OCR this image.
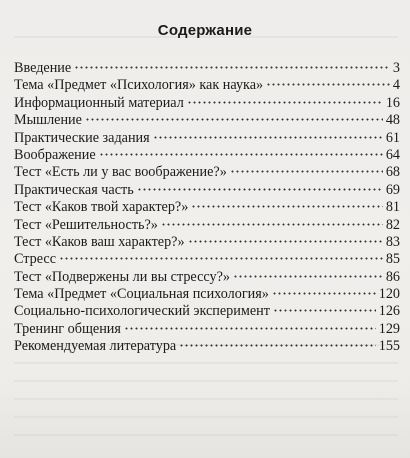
Содержание
Введение	3
Тема «Предмет «Психология» как наука»	4
Информационный материал	16
Мышление	48
Практические задания	61
Воображение	64
Тест «Есть ли у вас воображение?»	68
Практическая часть	69
Тест «Каков твой характер?»	81
Тест «Решительность?»	82
Тест «Каков ваш характер?»	83
Стресс	85
Тест «Подвержены ли вы стрессу?»	86
Тема «Предмет «Социальная психология»	120
Социально-психологический эксперимент	126
Тренинг общения	129
Рекомендуемая литература	155
